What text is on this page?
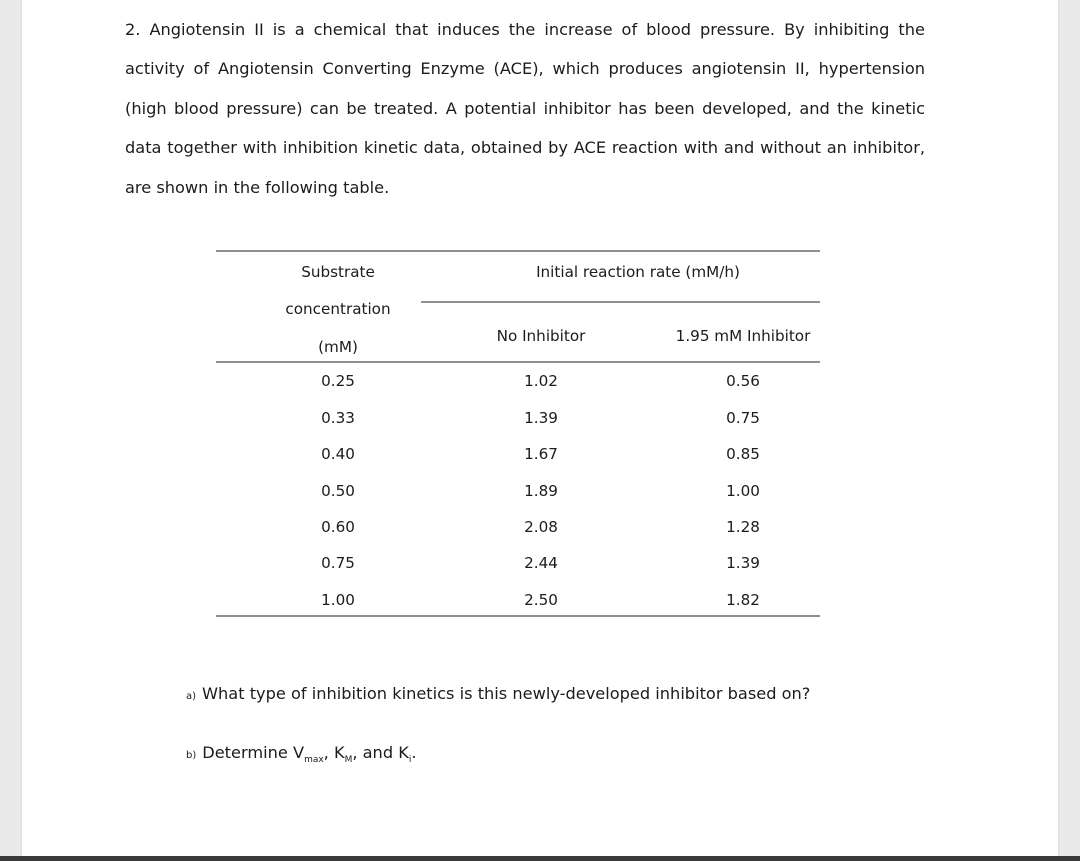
2. Angiotensin II is a chemical that induces the increase of blood pressure. By inhibiting the activity of Angiotensin Converting Enzyme (ACE), which produces angiotensin II, hypertension (high blood pressure) can be treated. A potential inhibitor has been developed, and the kinetic data together with inhibition kinetic data, obtained by ACE reaction with and without an inhibitor, are shown in the following table.
Substrate
concentration
(mM)
Initial reaction rate (mM/h)
No Inhibitor	1.95 mM Inhibitor
0.25	1.02	0.56
0.33	1.39	0.75
0.40	1.67	0.85
0.50	1.89	1.00
0.60	2.08	1.28
0.75	2.44	1.39
1.00	2.50	1.82
a) What type of inhibition kinetics is this newly-developed inhibitor based on?
b) Determine $V_{max}$, $K_M$, and $K_i$.
